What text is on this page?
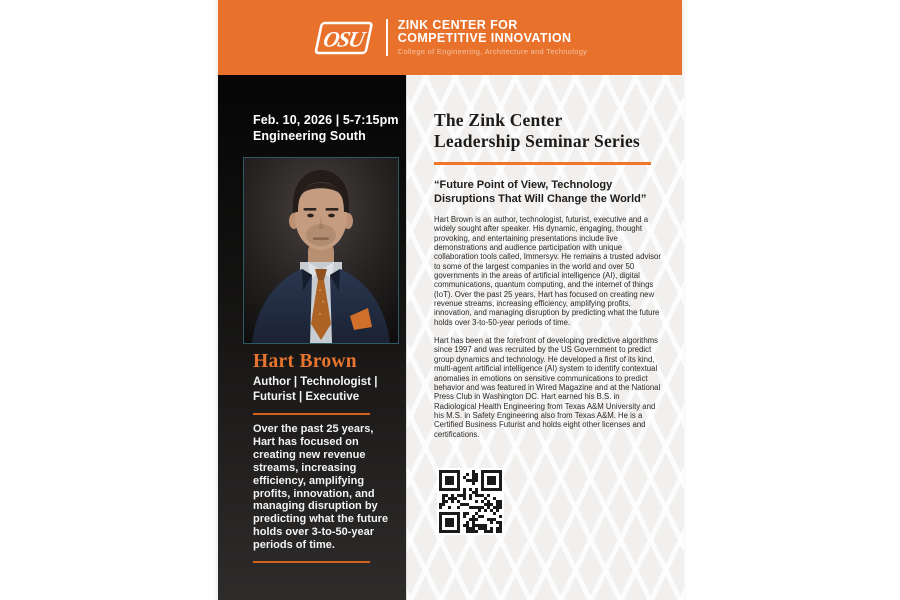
OSU
ZINK CENTER FOR
COMPETITIVE INNOVATION
College of Engineering, Architecture and Technology
Feb. 10, 2026 | 5-7:15pm
Engineering South
Hart Brown
Author | Technologist | Futurist | Executive

Over the past 25 years, Hart has focused on creating new revenue streams, increasing efficiency, amplifying profits, innovation, and managing disruption by predicting what the future holds over 3-to-50-year periods of time.

The Zink Center
Leadership Seminar Series
“Future Point of View, Technology Disruptions That Will Change the World”

Hart Brown is an author, technologist, futurist, executive and a widely sought after speaker. His dynamic, engaging, thought provoking, and entertaining presentations include live demonstrations and audience participation with unique collaboration tools called, Immersyv. He remains a trusted advisor to some of the largest companies in the world and over 50 governments in the areas of artificial intelligence (AI), digital communications, quantum computing, and the internet of things (IoT). Over the past 25 years, Hart has focused on creating new revenue streams, increasing efficiency, amplifying profits, innovation, and managing disruption by predicting what the future holds over 3-to-50-year periods of time.

Hart has been at the forefront of developing predictive algorithms since 1997 and was recruited by the US Government to predict group dynamics and technology. He developed a first of its kind, multi-agent artificial intelligence (AI) system to identify contextual anomalies in emotions on sensitive communications to predict behavior and was featured in Wired Magazine and at the National Press Club in Washington DC. Hart earned his B.S. in Radiological Health Engineering from Texas A&M University and his M.S. in Safety Engineering also from Texas A&M. He is a Certified Business Futurist and holds eight other licenses and certifications.
